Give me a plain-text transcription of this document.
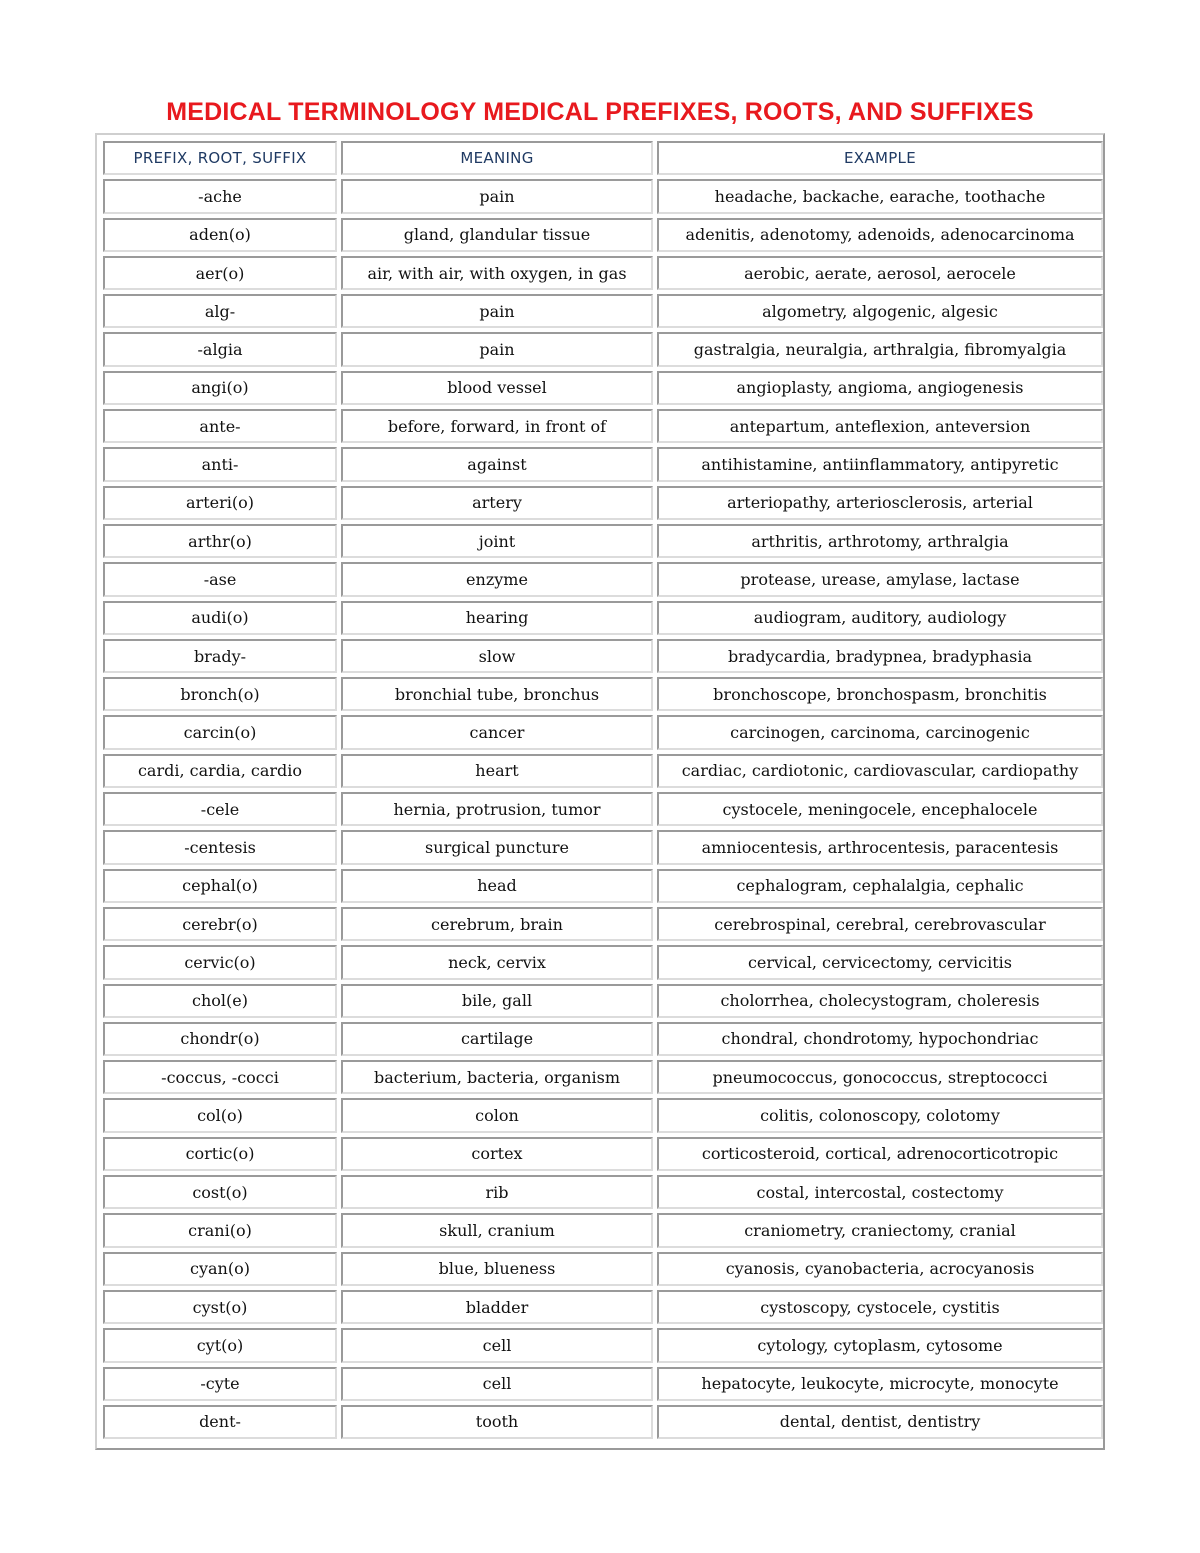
MEDICAL TERMINOLOGY MEDICAL PREFIXES, ROOTS, AND SUFFIXES
PREFIX, ROOT, SUFFIX	MEANING	EXAMPLE
-ache	pain	headache, backache, earache, toothache
aden(o)	gland, glandular tissue	adenitis, adenotomy, adenoids, adenocarcinoma
aer(o)	air, with air, with oxygen, in gas	aerobic, aerate, aerosol, aerocele
alg-	pain	algometry, algogenic, algesic
-algia	pain	gastralgia, neuralgia, arthralgia, fibromyalgia
angi(o)	blood vessel	angioplasty, angioma, angiogenesis
ante-	before, forward, in front of	antepartum, anteflexion, anteversion
anti-	against	antihistamine, antiinflammatory, antipyretic
arteri(o)	artery	arteriopathy, arteriosclerosis, arterial
arthr(o)	joint	arthritis, arthrotomy, arthralgia
-ase	enzyme	protease, urease, amylase, lactase
audi(o)	hearing	audiogram, auditory, audiology
brady-	slow	bradycardia, bradypnea, bradyphasia
bronch(o)	bronchial tube, bronchus	bronchoscope, bronchospasm, bronchitis
carcin(o)	cancer	carcinogen, carcinoma, carcinogenic
cardi, cardia, cardio	heart	cardiac, cardiotonic, cardiovascular, cardiopathy
-cele	hernia, protrusion, tumor	cystocele, meningocele, encephalocele
-centesis	surgical puncture	amniocentesis, arthrocentesis, paracentesis
cephal(o)	head	cephalogram, cephalalgia, cephalic
cerebr(o)	cerebrum, brain	cerebrospinal, cerebral, cerebrovascular
cervic(o)	neck, cervix	cervical, cervicectomy, cervicitis
chol(e)	bile, gall	cholorrhea, cholecystogram, choleresis
chondr(o)	cartilage	chondral, chondrotomy, hypochondriac
-coccus, -cocci	bacterium, bacteria, organism	pneumococcus, gonococcus, streptococci
col(o)	colon	colitis, colonoscopy, colotomy
cortic(o)	cortex	corticosteroid, cortical, adrenocorticotropic
cost(o)	rib	costal, intercostal, costectomy
crani(o)	skull, cranium	craniometry, craniectomy, cranial
cyan(o)	blue, blueness	cyanosis, cyanobacteria, acrocyanosis
cyst(o)	bladder	cystoscopy, cystocele, cystitis
cyt(o)	cell	cytology, cytoplasm, cytosome
-cyte	cell	hepatocyte, leukocyte, microcyte, monocyte
dent-	tooth	dental, dentist, dentistry
